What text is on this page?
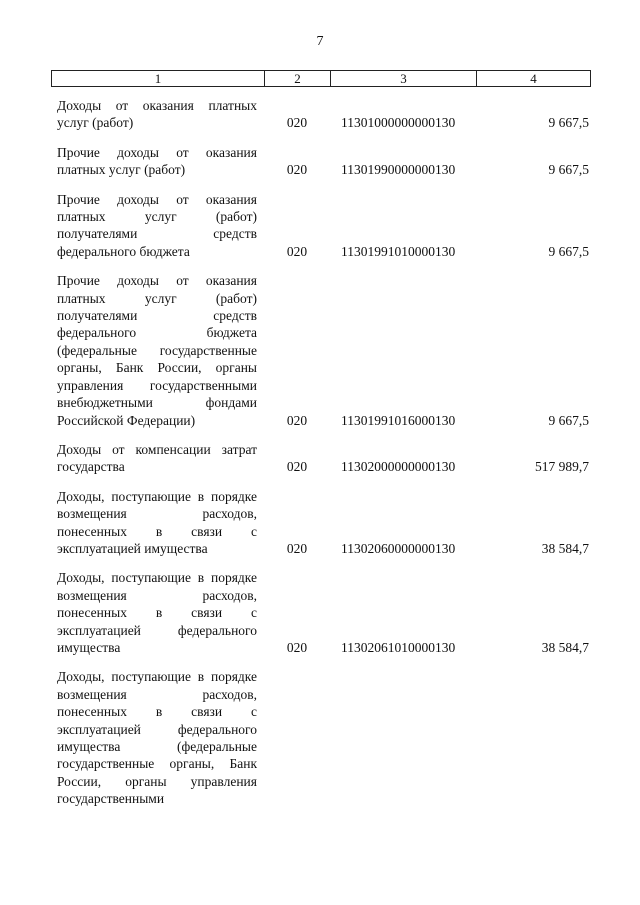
7
1	2	3	4
Доходы от оказания платных услуг (работ)	020	11301000000000130	9 667,5
Прочие доходы от оказания платных услуг (работ)	020	11301990000000130	9 667,5
Прочие доходы от оказания платных услуг (работ) получателями средств федерального бюджета	020	11301991010000130	9 667,5
Прочие доходы от оказания платных услуг (работ) получателями средств федерального бюджета (федеральные государственные органы, Банк России, органы управления государственными внебюджетными фондами Российской Федерации)	020	11301991016000130	9 667,5
Доходы от компенсации затрат государства	020	11302000000000130	517 989,7
Доходы, поступающие в порядке возмещения расходов, понесенных в связи с эксплуатацией имущества	020	11302060000000130	38 584,7
Доходы, поступающие в порядке возмещения расходов, понесенных в связи с эксплуатацией федерального имущества	020	11302061010000130	38 584,7
Доходы, поступающие в порядке возмещения расходов, понесенных в связи с эксплуатацией федерального имущества (федеральные государственные органы, Банк России, органы управления государственными
